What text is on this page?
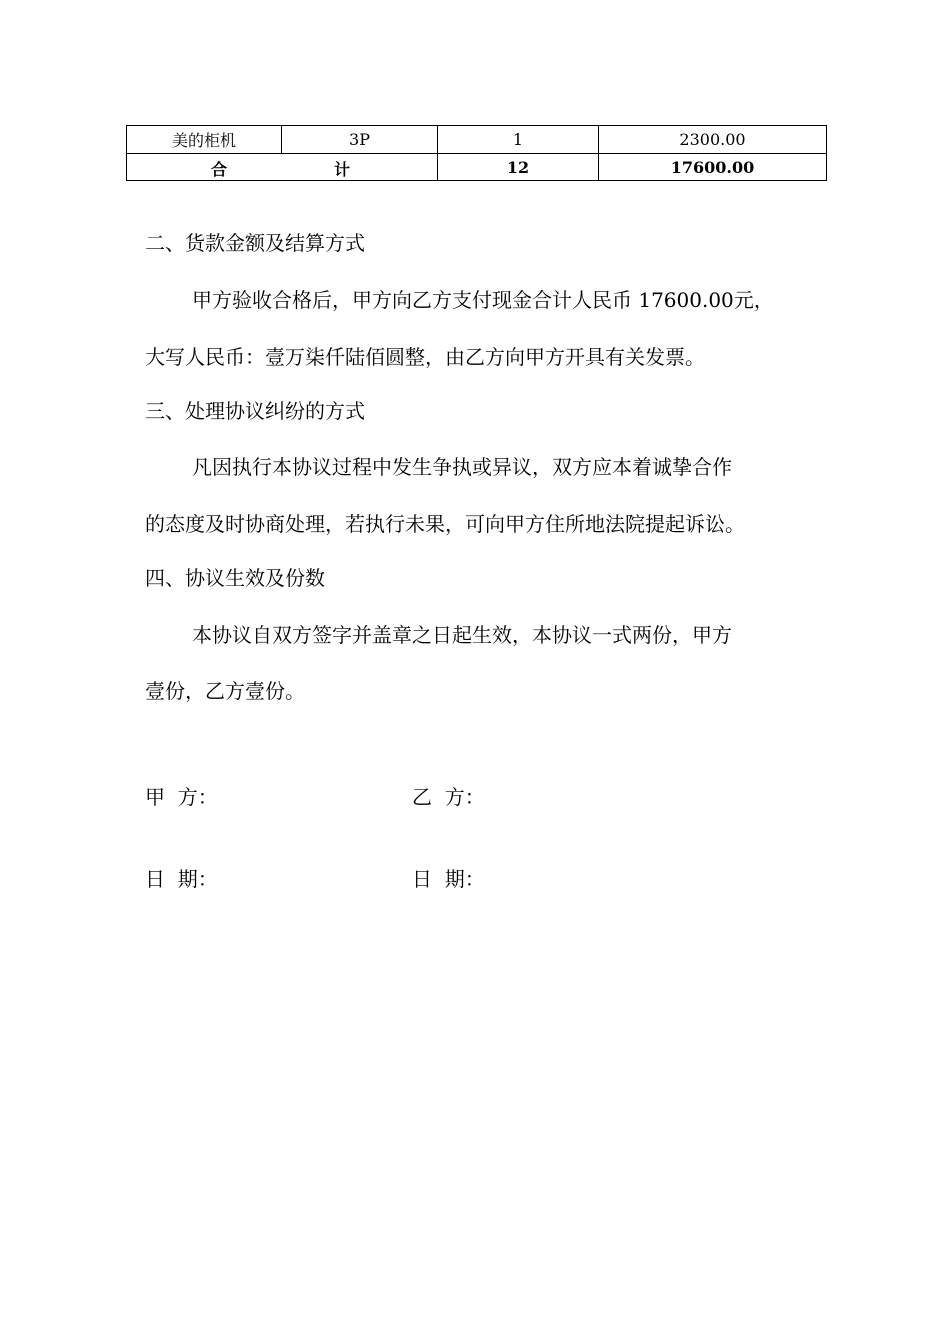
美的柜机	3P	1	2300.00

合 计		12	17600.00

二、货款金额及结算方式

甲方验收合格后，甲方向乙方支付现金合计人民币 17600.00元，

大写人民币：壹万柒仟陆佰圆整，由乙方向甲方开具有关发票。

三、处理协议纠纷的方式

凡因执行本协议过程中发生争执或异议，双方应本着诚挚合作

的态度及时协商处理，若执行未果，可向甲方住所地法院提起诉讼。

四、协议生效及份数

本协议自双方签字并盖章之日起生效，本协议一式两份，甲方

壹份，乙方壹份。

甲  方：	乙  方：

日  期：	日  期：
